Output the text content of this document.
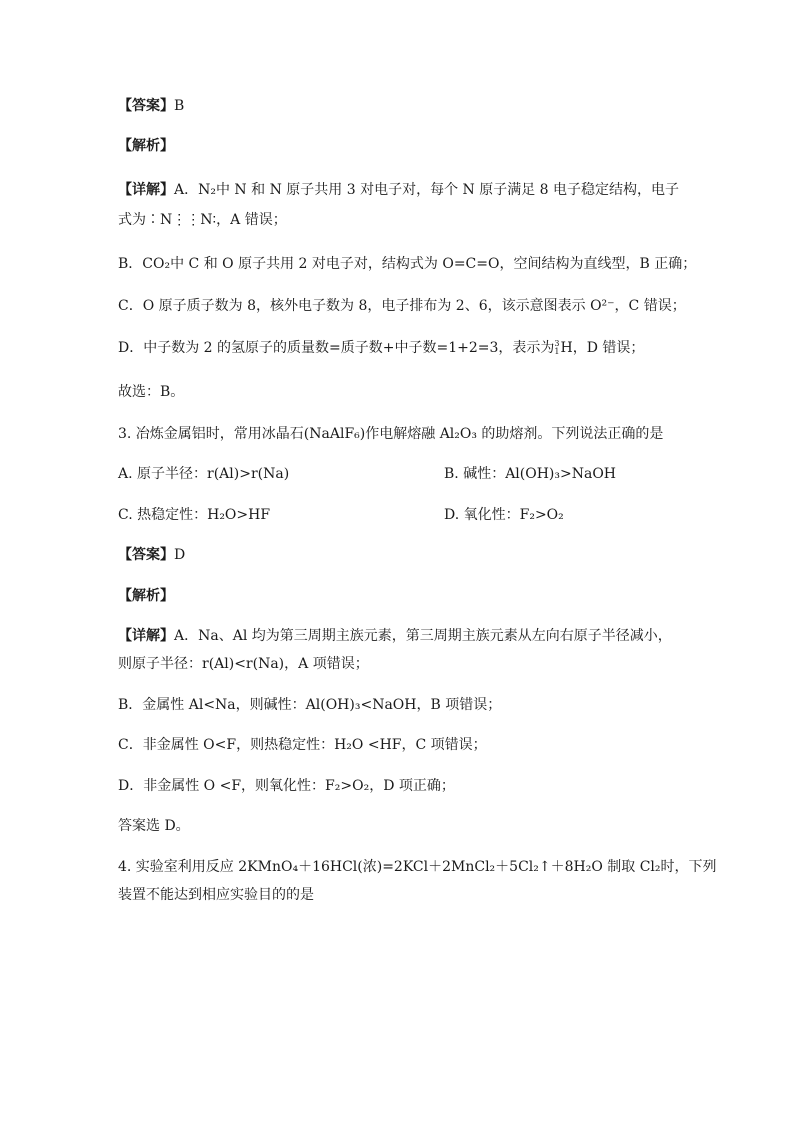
【答案】B
【解析】
【详解】A．N₂中 N 和 N 原子共用 3 对电子对，每个 N 原子满足 8 电子稳定结构，电子
式为∶N⋮⋮N∶，A 错误；
B．CO₂中 C 和 O 原子共用 2 对电子对，结构式为 O=C=O，空间结构为直线型，B 正确；
C．O 原子质子数为 8，核外电子数为 8，电子排布为 2、6，该示意图表示 O²⁻，C 错误；
D．中子数为 2 的氢原子的质量数=质子数+中子数=1+2=3，表示为 3
1 H，D 错误；
故选：B。
3. 冶炼金属铝时，常用冰晶石(NaAlF₆)作电解熔融 Al₂O₃ 的助熔剂。下列说法正确的是
A. 原子半径：r(Al)>r(Na)	B. 碱性：Al(OH)₃>NaOH
C. 热稳定性：H₂O>HF	D. 氧化性：F₂>O₂
【答案】D
【解析】
【详解】A．Na、Al 均为第三周期主族元素，第三周期主族元素从左向右原子半径减小，
则原子半径：r(Al)<r(Na)，A 项错误；
B．金属性 Al<Na，则碱性：Al(OH)₃<NaOH，B 项错误；
C．非金属性 O<F，则热稳定性：H₂O <HF，C 项错误；
D．非金属性 O <F，则氧化性：F₂>O₂，D 项正确；
答案选 D。
4. 实验室利用反应 2KMnO₄＋16HCl(浓)=2KCl＋2MnCl₂＋5Cl₂↑＋8H₂O 制取 Cl₂时，下列
装置不能达到相应实验目的的是
